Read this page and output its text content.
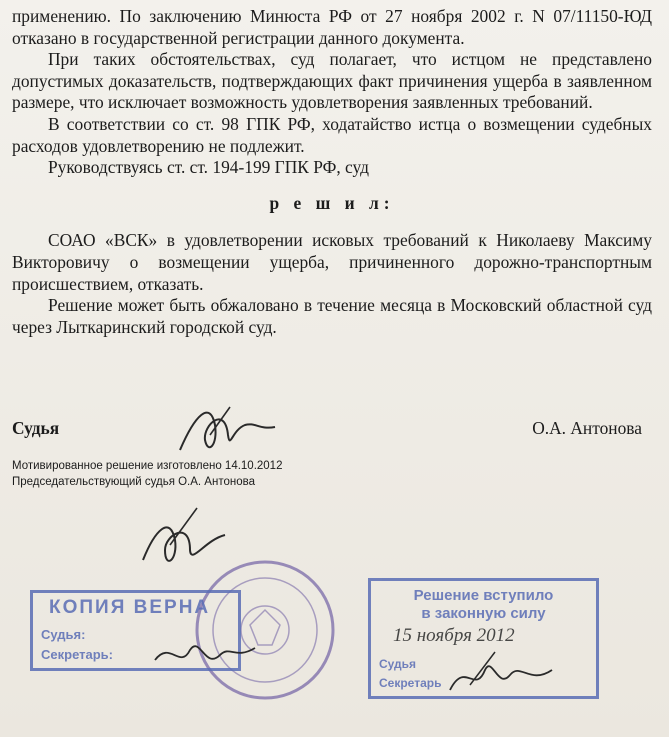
применению. По заключению Минюста РФ от 27 ноября 2002 г. N 07/11150-ЮД отказано в государственной регистрации данного документа.

При таких обстоятельствах, суд полагает, что истцом не представлено допустимых доказательств, подтверждающих факт причинения ущерба в заявленном размере, что исключает возможность удовлетворения заявленных требований.

В соответствии со ст. 98 ГПК РФ, ходатайство истца о возмещении судебных расходов удовлетворению не подлежит.

Руководствуясь ст. ст. 194-199 ГПК РФ, суд

р е ш и л:

СОАО «ВСК» в удовлетворении исковых требований к Николаеву Максиму Викторовичу о возмещении ущерба, причиненного дорожно-транспортным происшествием, отказать.

Решение может быть обжаловано в течение месяца в Московский областной суд через Лыткаринский городской суд.

Судья	О.А. Антонова
Мотивированное решение изготовлено 14.10.2012
Председательствующий судья О.А. Антонова
КОПИЯ ВЕРНА
Судья:
Секретарь:
Решение вступило
в законную силу
15 ноября 2012
Судья
Секретарь
